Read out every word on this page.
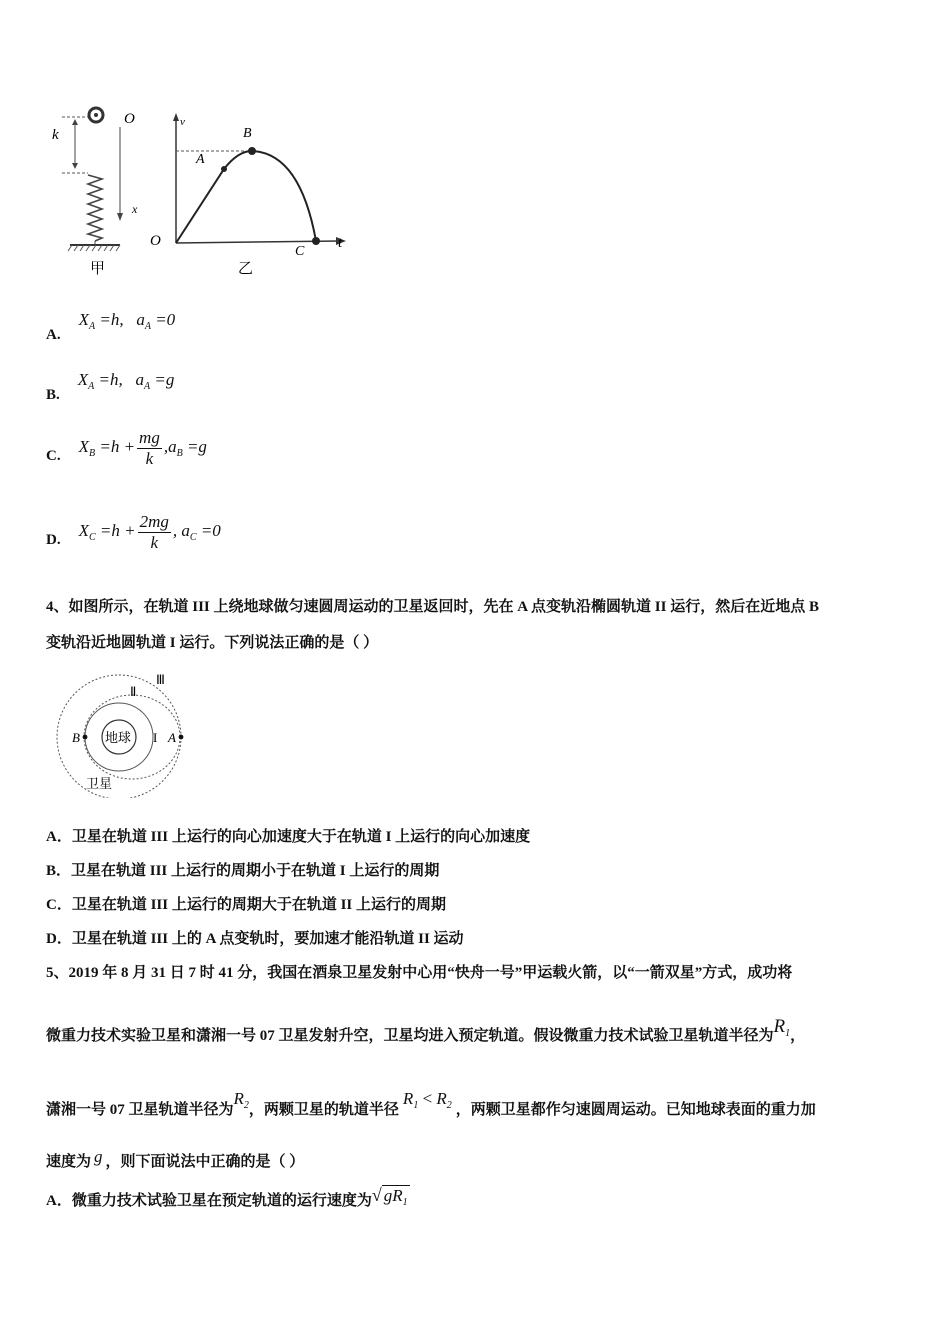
k
甲
O
x
v
t
O
A
B
C
乙
A. $X_A =h$, $a_A =0$
B. $X_A =h$, $a_A =g$
C. $X_B =h + \frac{mg}{k} ,a_B =g$
D. $X_C =h + \frac{2mg}{k}$ , $a_C =0$
4、如图所示，在轨道 III 上绕地球做匀速圆周运动的卫星返回时，先在 A 点变轨沿椭圆轨道 II 运行，然后在近地点 B
变轨沿近地圆轨道 I 运行。下列说法正确的是（ ）
地球
B	A
I
Ⅱ
Ⅲ
卫星
A．卫星在轨道 III 上运行的向心加速度大于在轨道 I 上运行的向心加速度
B．卫星在轨道 III 上运行的周期小于在轨道 I 上运行的周期
C．卫星在轨道 III 上运行的周期大于在轨道 II 上运行的周期
D．卫星在轨道 III 上的 A 点变轨时，要加速才能沿轨道 II 运动
5、2019 年 8 月 31 日 7 时 41 分，我国在酒泉卫星发射中心用“快舟一号”甲运载火箭，以“一箭双星”方式，成功将
微重力技术实验卫星和潇湘一号 07 卫星发射升空，卫星均进入预定轨道。假设微重力技术试验卫星轨道半径为$R_1$，
潇湘一号 07 卫星轨道半径为$R_2$，两颗卫星的轨道半径$R_1 < R_2$ ，两颗卫星都作匀速圆周运动。已知地球表面的重力加
速度为 g ，则下面说法中正确的是（ ）
A．微重力技术试验卫星在预定轨道的运行速度为√ $gR_1$
